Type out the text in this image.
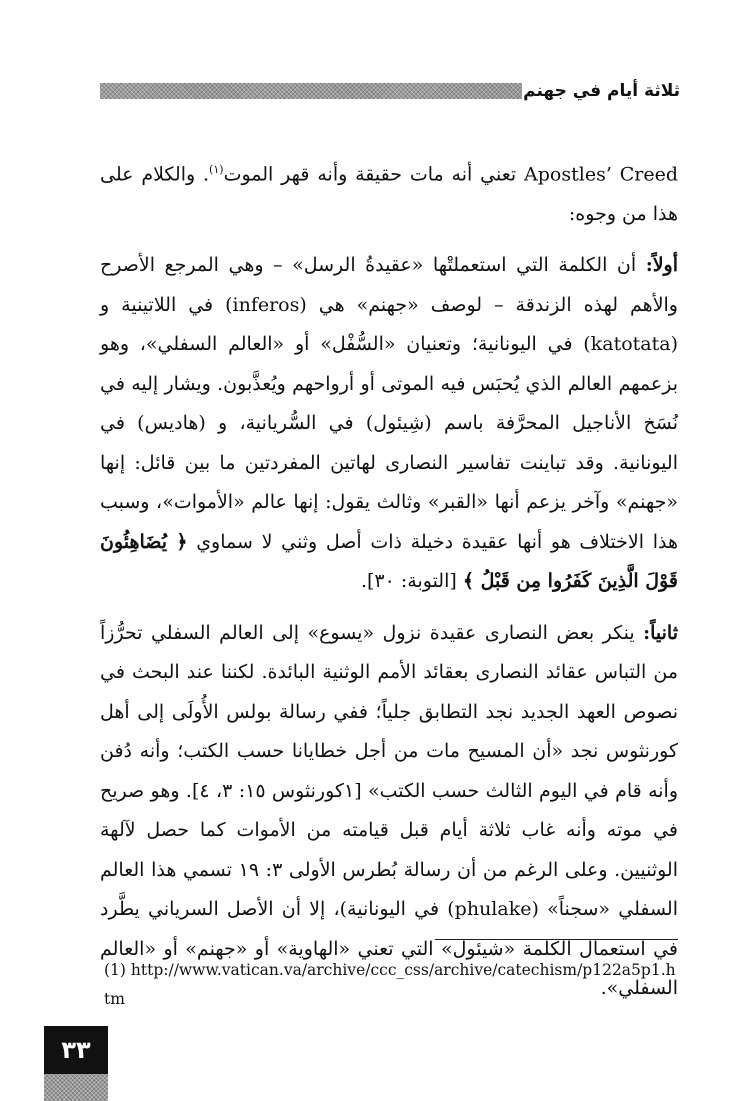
ثلاثة أيام في جهنم

Apostles’ Creed تعني أنه مات حقيقة وأنه قهر الموت$^{(١)}$. والكلام على هذا من وجوه:

أولاً: أن الكلمة التي استعملتْها «عقيدةُ الرسل» – وهي المرجع الأصرح والأهم لهذه الزندقة – لوصف «جهنم» هي (inferos) في اللاتينية و (katotata) في اليونانية؛ وتعنيان «السُّفْل» أو «العالم السفلي»، وهو بزعمهم العالم الذي يُحبَس فيه الموتى أو أرواحهم ويُعذَّبون. ويشار إليه في نُسَخ الأناجيل المحرَّفة باسم (شِيئول) في السُّريانية، و (هاديس) في اليونانية. وقد تباينت تفاسير النصارى لهاتين المفردتين ما بين قائل: إنها «جهنم» وآخر يزعم أنها «القبر» وثالث يقول: إنها عالم «الأموات»، وسبب هذا الاختلاف هو أنها عقيدة دخيلة ذات أصل وثني لا سماوي ﴿ يُضَاهِئُونَ قَوْلَ الَّذِينَ كَفَرُوا مِن قَبْلُ ﴾ [التوبة: ٣٠].

ثانياً: ينكر بعض النصارى عقيدة نزول «يسوع» إلى العالم السفلي تحرُّزاً من التباس عقائد النصارى بعقائد الأمم الوثنية البائدة. لكننا عند البحث في نصوص العهد الجديد نجد التطابق جلياً؛ ففي رسالة بولس الأُولَى إلى أهل كورنثوس نجد «أن المسيح مات من أجل خطايانا حسب الكتب؛ وأنه دُفن وأنه قام في اليوم الثالث حسب الكتب» [١كورنثوس ١٥: ٣، ٤]. وهو صريح في موته وأنه غاب ثلاثة أيام قبل قيامته من الأموات كما حصل لآلهة الوثنيين. وعلى الرغم من أن رسالة بُطرس الأولى ٣: ١٩ تسمي هذا العالم السفلي «سجناً» (phulake) في اليونانية)، إلا أن الأصل السرياني يطَّرد في استعمال الكلمة «شيئول» التي تعني «الهاوية» أو «جهنم» أو «العالم السفلي».

(1) http://www.vatican.va/archive/ccc_css/archive/catechism/p122a5p1.htm
٣٣
